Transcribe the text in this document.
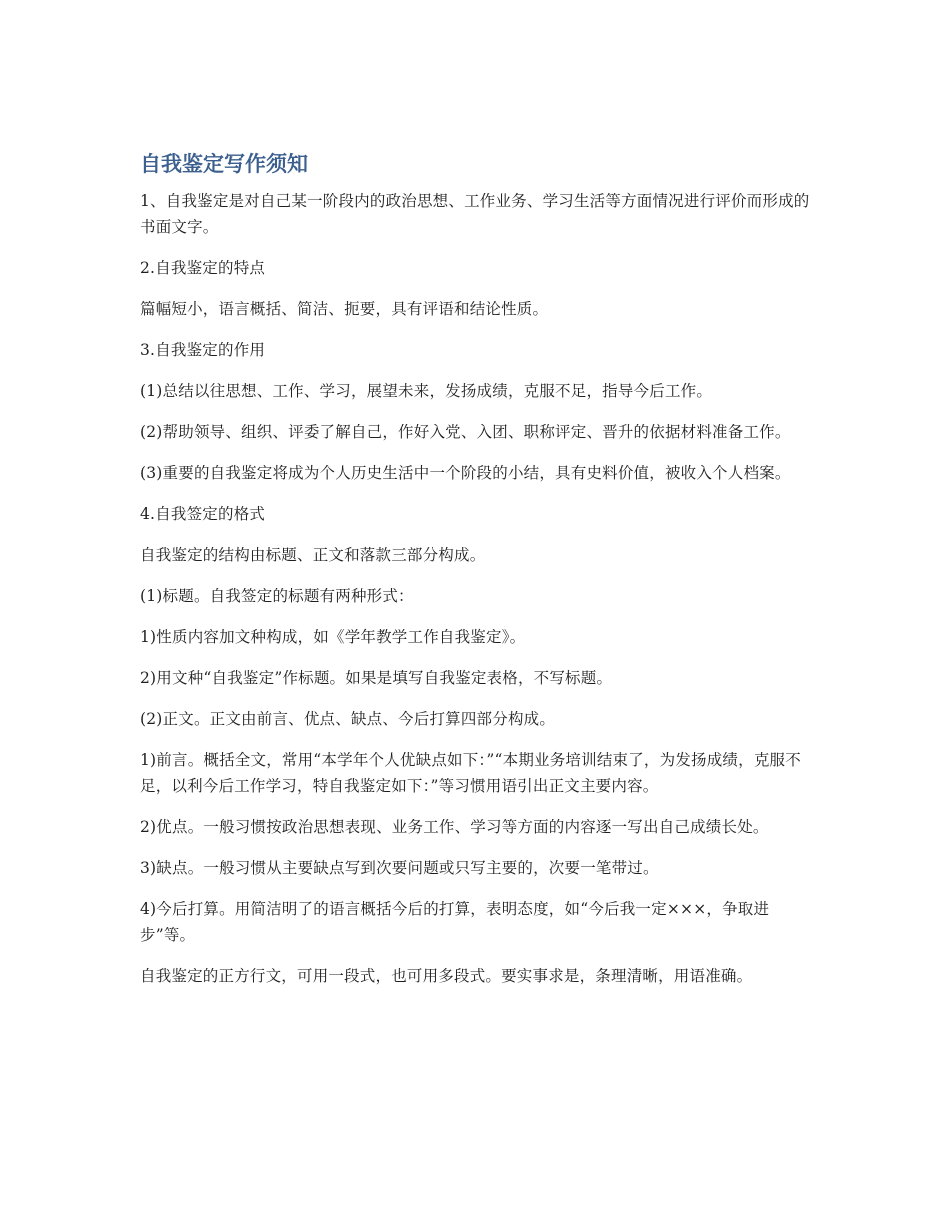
自我鉴定写作须知

1、自我鉴定是对自己某一阶段内的政治思想、工作业务、学习生活等方面情况进行评价而形成的书面文字。

2.自我鉴定的特点

篇幅短小，语言概括、简洁、扼要，具有评语和结论性质。

3.自我鉴定的作用

(1)总结以往思想、工作、学习，展望未来，发扬成绩，克服不足，指导今后工作。

(2)帮助领导、组织、评委了解自己，作好入党、入团、职称评定、晋升的依据材料准备工作。

(3)重要的自我鉴定将成为个人历史生活中一个阶段的小结，具有史料价值，被收入个人档案。

4.自我签定的格式

自我鉴定的结构由标题、正文和落款三部分构成。

(1)标题。自我签定的标题有两种形式：

1)性质内容加文种构成，如《学年教学工作自我鉴定》。

2)用文种“自我鉴定”作标题。如果是填写自我鉴定表格，不写标题。

(2)正文。正文由前言、优点、缺点、今后打算四部分构成。

1)前言。概括全文，常用“本学年个人优缺点如下：”“本期业务培训结束了，为发扬成绩，克服不足，以利今后工作学习，特自我鉴定如下：”等习惯用语引出正文主要内容。

2)优点。一般习惯按政治思想表现、业务工作、学习等方面的内容逐一写出自己成绩长处。

3)缺点。一般习惯从主要缺点写到次要问题或只写主要的，次要一笔带过。

4)今后打算。用简洁明了的语言概括今后的打算，表明态度，如“今后我一定×××，争取进步”等。

自我鉴定的正方行文，可用一段式，也可用多段式。要实事求是，条理清晰，用语准确。
